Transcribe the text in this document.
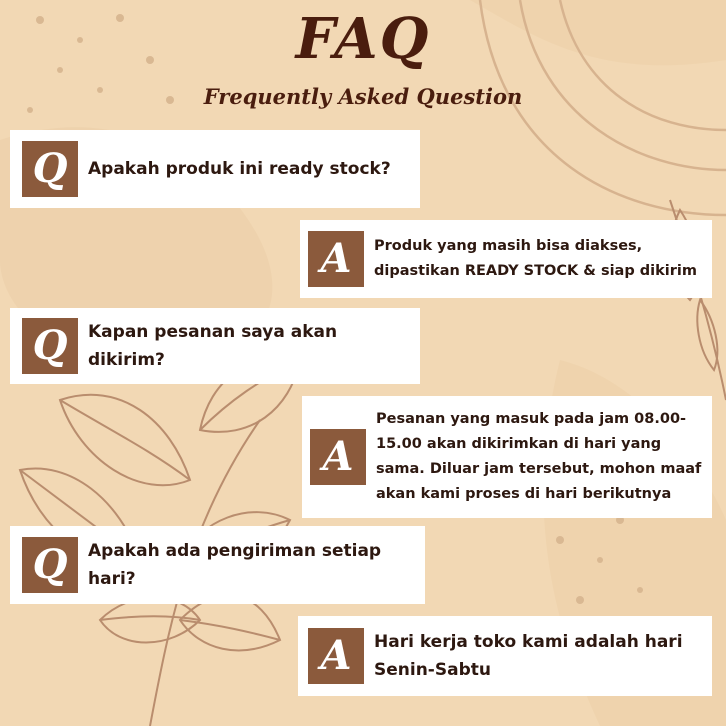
FAQ
Frequently Asked Question
Q	Apakah produk ini ready stock?
A	Produk yang masih bisa diakses, dipastikan READY STOCK & siap dikirim
Q	Kapan pesanan saya akan dikirim?
A
Pesanan yang masuk pada jam 08.00-15.00 akan dikirimkan di hari yang sama. Diluar jam tersebut, mohon maaf akan kami proses di hari berikutnya
Q	Apakah ada pengiriman setiap hari?
A	Hari kerja toko kami adalah hari Senin-Sabtu
